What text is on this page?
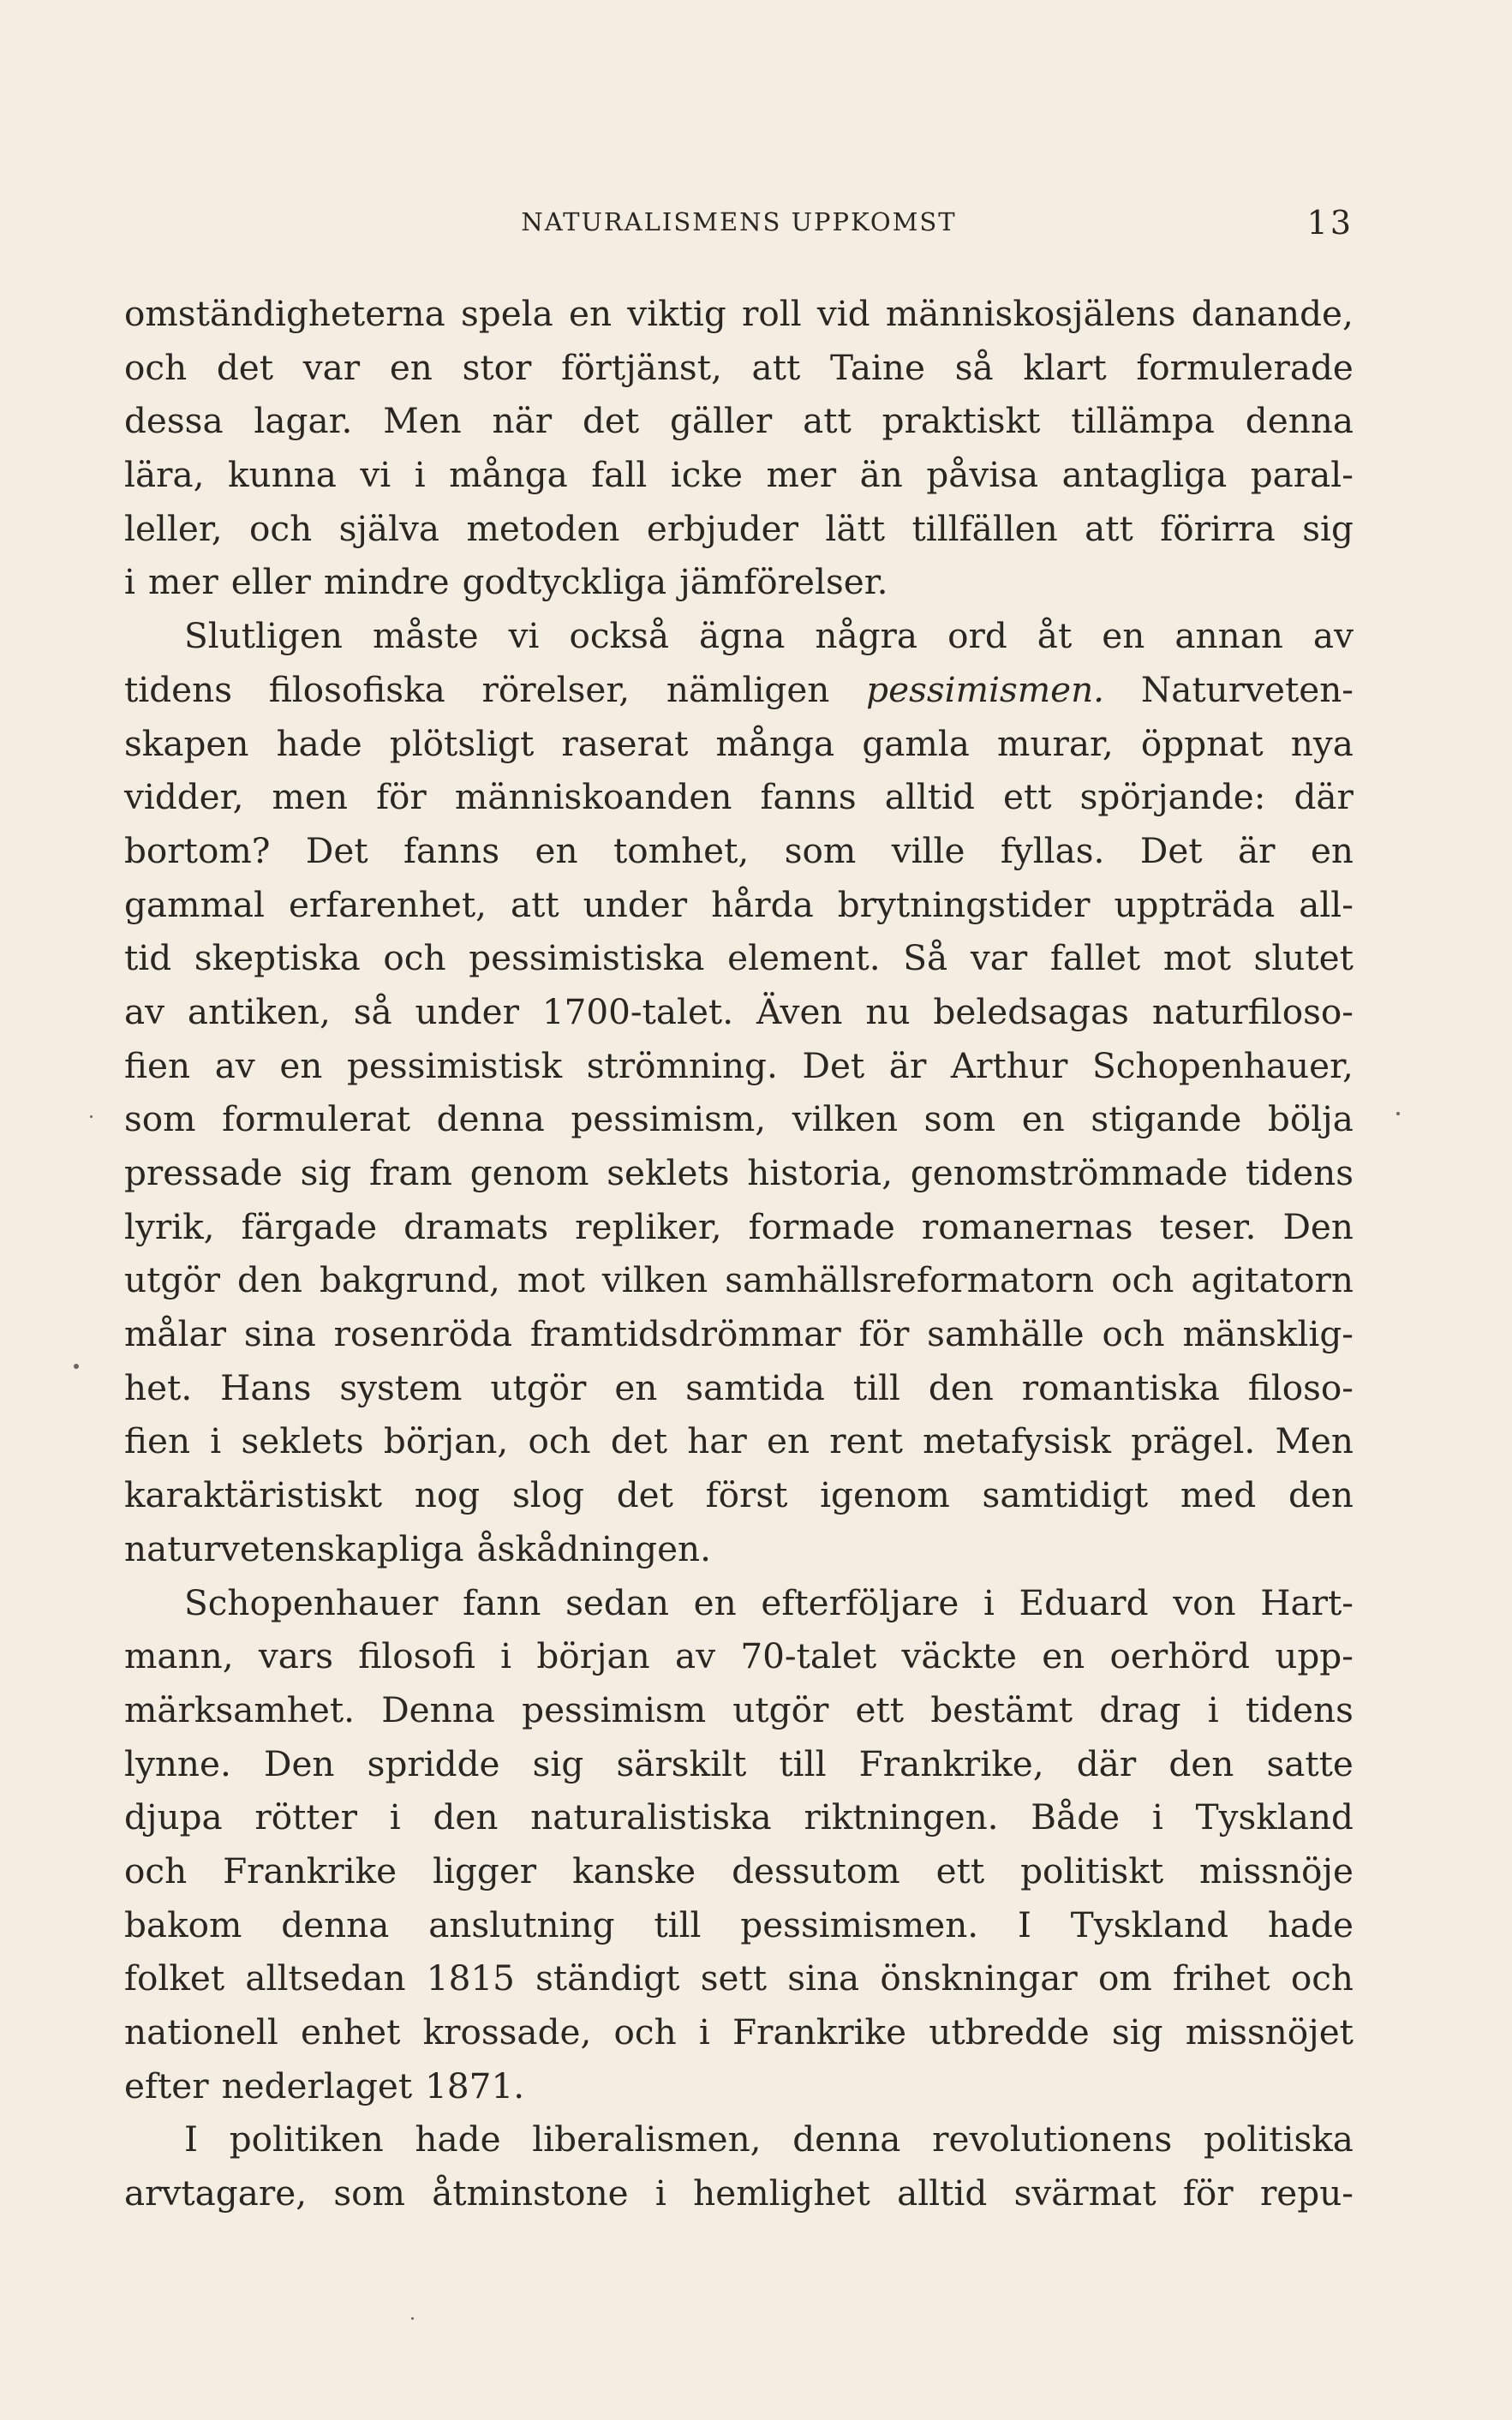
NATURALISMENS UPPKOMST	13
omständigheterna spela en viktig roll vid människosjälens danande,
och det var en stor förtjänst, att Taine så klart formulerade
dessa lagar. Men när det gäller att praktiskt tillämpa denna
lära, kunna vi i många fall icke mer än påvisa antagliga paral-
leller, och själva metoden erbjuder lätt tillfällen att förirra sig
i mer eller mindre godtyckliga jämförelser.
Slutligen måste vi också ägna några ord åt en annan av
tidens filosofiska rörelser, nämligen pessimismen. Naturveten-
skapen hade plötsligt raserat många gamla murar, öppnat nya
vidder, men för människoanden fanns alltid ett spörjande: där
bortom? Det fanns en tomhet, som ville fyllas. Det är en
gammal erfarenhet, att under hårda brytningstider uppträda all-
tid skeptiska och pessimistiska element. Så var fallet mot slutet
av antiken, så under 1700-talet. Även nu beledsagas naturfiloso-
fien av en pessimistisk strömning. Det är Arthur Schopenhauer,
som formulerat denna pessimism, vilken som en stigande bölja
pressade sig fram genom seklets historia, genomströmmade tidens
lyrik, färgade dramats repliker, formade romanernas teser. Den
utgör den bakgrund, mot vilken samhällsreformatorn och agitatorn
målar sina rosenröda framtidsdrömmar för samhälle och mänsklig-
het. Hans system utgör en samtida till den romantiska filoso-
fien i seklets början, och det har en rent metafysisk prägel. Men
karaktäristiskt nog slog det först igenom samtidigt med den
naturvetenskapliga åskådningen.
Schopenhauer fann sedan en efterföljare i Eduard von Hart-
mann, vars filosofi i början av 70-talet väckte en oerhörd upp-
märksamhet. Denna pessimism utgör ett bestämt drag i tidens
lynne. Den spridde sig särskilt till Frankrike, där den satte
djupa rötter i den naturalistiska riktningen. Både i Tyskland
och Frankrike ligger kanske dessutom ett politiskt missnöje
bakom denna anslutning till pessimismen. I Tyskland hade
folket alltsedan 1815 ständigt sett sina önskningar om frihet och
nationell enhet krossade, och i Frankrike utbredde sig missnöjet
efter nederlaget 1871.
I politiken hade liberalismen, denna revolutionens politiska
arvtagare, som åtminstone i hemlighet alltid svärmat för repu-
